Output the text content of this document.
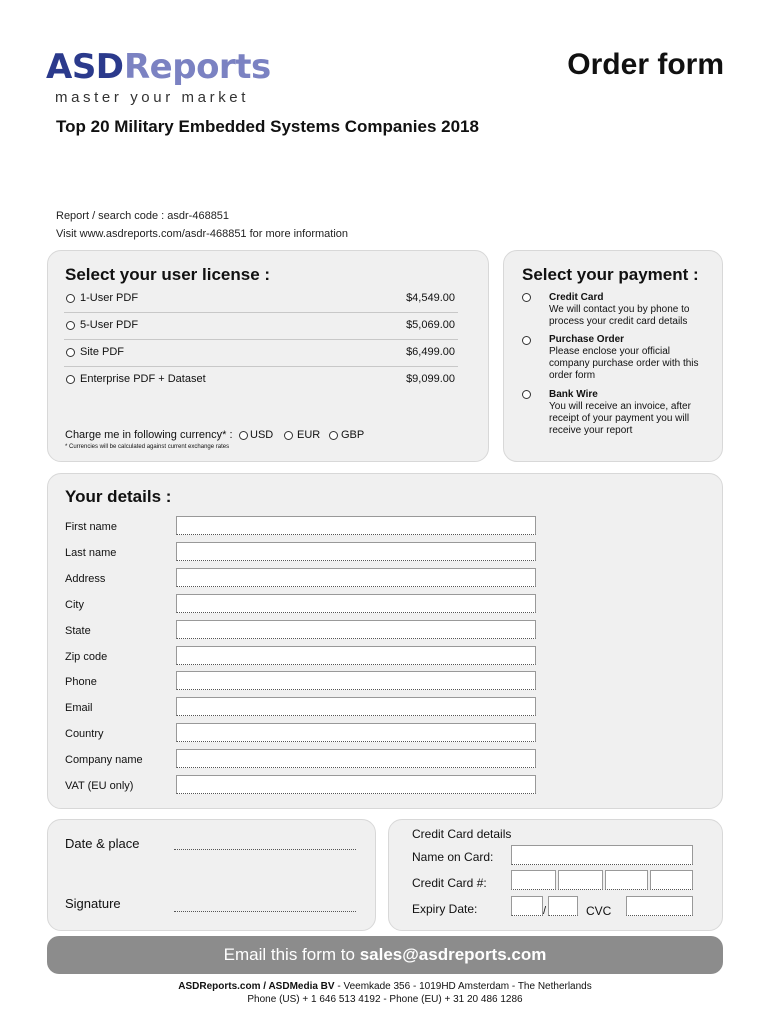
ASD Reports
master your market
Order form
Top 20 Military Embedded Systems Companies 2018
Report / search code : asdr-468851
Visit www.asdreports.com/asdr-468851 for more information
Select your user license :
1-User PDF	$4,549.00
5-User PDF	$5,069.00
Site PDF	$6,499.00
Enterprise PDF + Dataset	$9,099.00
Charge me in following currency* : USD EUR GBP
* Currencies will be calculated against current exchange rates
Select your payment :
Credit Card
We will contact you by phone to process your credit card details
Purchase Order
Please enclose your official company purchase order with this order form
Bank Wire
You will receive an invoice, after receipt of your payment you will receive your report
Your details :
First name
Last name
Address
City
State
Zip code
Phone
Email
Country
Company name
VAT (EU only)
Date & place
Signature
Credit Card details
Name on Card:
Credit Card #:
Expiry Date:	/	CVC
Email this form to sales@asdreports.com
ASDReports.com / ASDMedia BV - Veemkade 356 - 1019HD Amsterdam - The Netherlands
Phone (US) + 1 646 513 4192 - Phone (EU) + 31 20 486 1286
